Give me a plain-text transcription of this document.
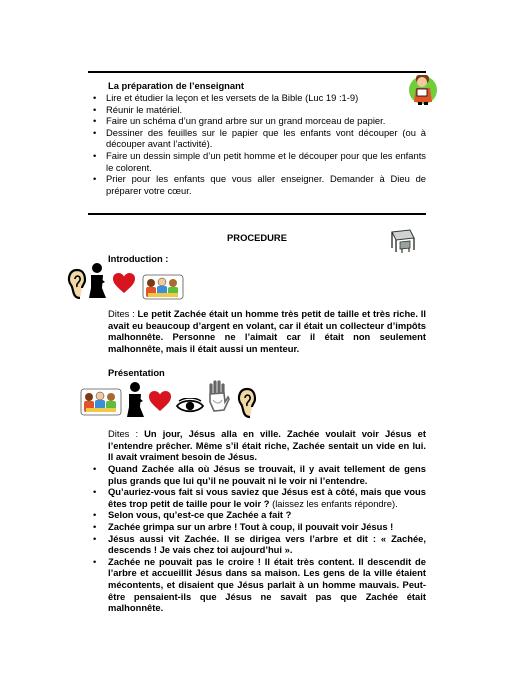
La préparation de l’enseignant
• Lire et étudier la leçon et les versets de la Bible (Luc 19 :1-9)
• Réunir le matériel.
• Faire un schéma d’un grand arbre sur un grand morceau de papier.
• Dessiner des feuilles sur le papier que les enfants vont découper (ou à découper avant l’activité).
• Faire un dessin simple d’un petit homme et le découper pour que les enfants le colorent.
• Prier pour les enfants que vous aller enseigner. Demander à Dieu de préparer votre cœur.
PROCEDURE
Introduction :
Dites : Le petit Zachée était un homme très petit de taille et très riche. Il avait eu beaucoup d’argent en volant, car il était un collecteur d’impôts malhonnête. Personne ne l’aimait car il était non seulement malhonnête, mais il était aussi un menteur.
Présentation
Dites : Un jour, Jésus alla en ville. Zachée voulait voir Jésus et l’entendre prêcher. Même s’il était riche, Zachée sentait un vide en lui. Il avait vraiment besoin de Jésus.
• Quand Zachée alla où Jésus se trouvait, il y avait tellement de gens plus grands que lui qu’il ne pouvait ni le voir ni l’entendre.
• Qu’auriez-vous fait si vous saviez que Jésus est à côté, mais que vous êtes trop petit de taille pour le voir ? (laissez les enfants répondre).
• Selon vous, qu’est-ce que Zachée a fait ?
• Zachée grimpa sur un arbre ! Tout à coup, il pouvait voir Jésus !
• Jésus aussi vit Zachée. Il se dirigea vers l’arbre et dit : « Zachée, descends ! Je vais chez toi aujourd’hui ».
• Zachée ne pouvait pas le croire ! Il était très content. Il descendit de l’arbre et accueillit Jésus dans sa maison. Les gens de la ville étaient mécontents, et disaient que Jésus parlait à un homme mauvais. Peut-être pensaient-ils que Jésus ne savait pas que Zachée était malhonnête.
